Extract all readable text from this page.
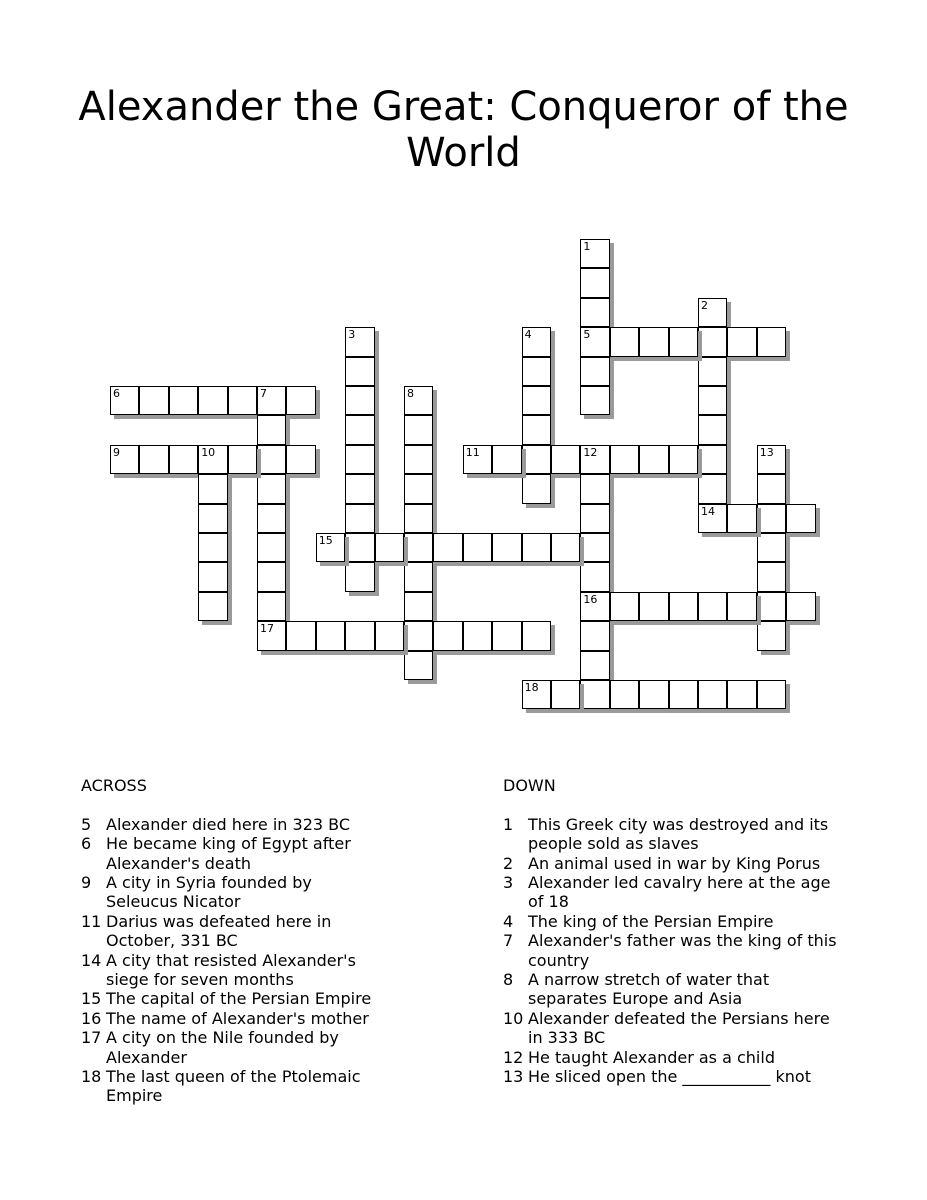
Alexander the Great: Conqueror of the World
1
5
2
14
3	4
6	7
17
8
9	10	11	12
16
13
15
18
ACROSS
5 Alexander died here in 323 BC
6 He became king of Egypt after Alexander's death
9 A city in Syria founded by Seleucus Nicator
11 Darius was defeated here in October, 331 BC
14 A city that resisted Alexander's siege for seven months
15 The capital of the Persian Empire
16 The name of Alexander's mother
17 A city on the Nile founded by Alexander
18 The last queen of the Ptolemaic Empire
DOWN
1 This Greek city was destroyed and its people sold as slaves
2 An animal used in war by King Porus
3 Alexander led cavalry here at the age of 18
4 The king of the Persian Empire
7 Alexander's father was the king of this country
8 A narrow stretch of water that separates Europe and Asia
10 Alexander defeated the Persians here in 333 BC
12 He taught Alexander as a child
13 He sliced open the ___________ knot
